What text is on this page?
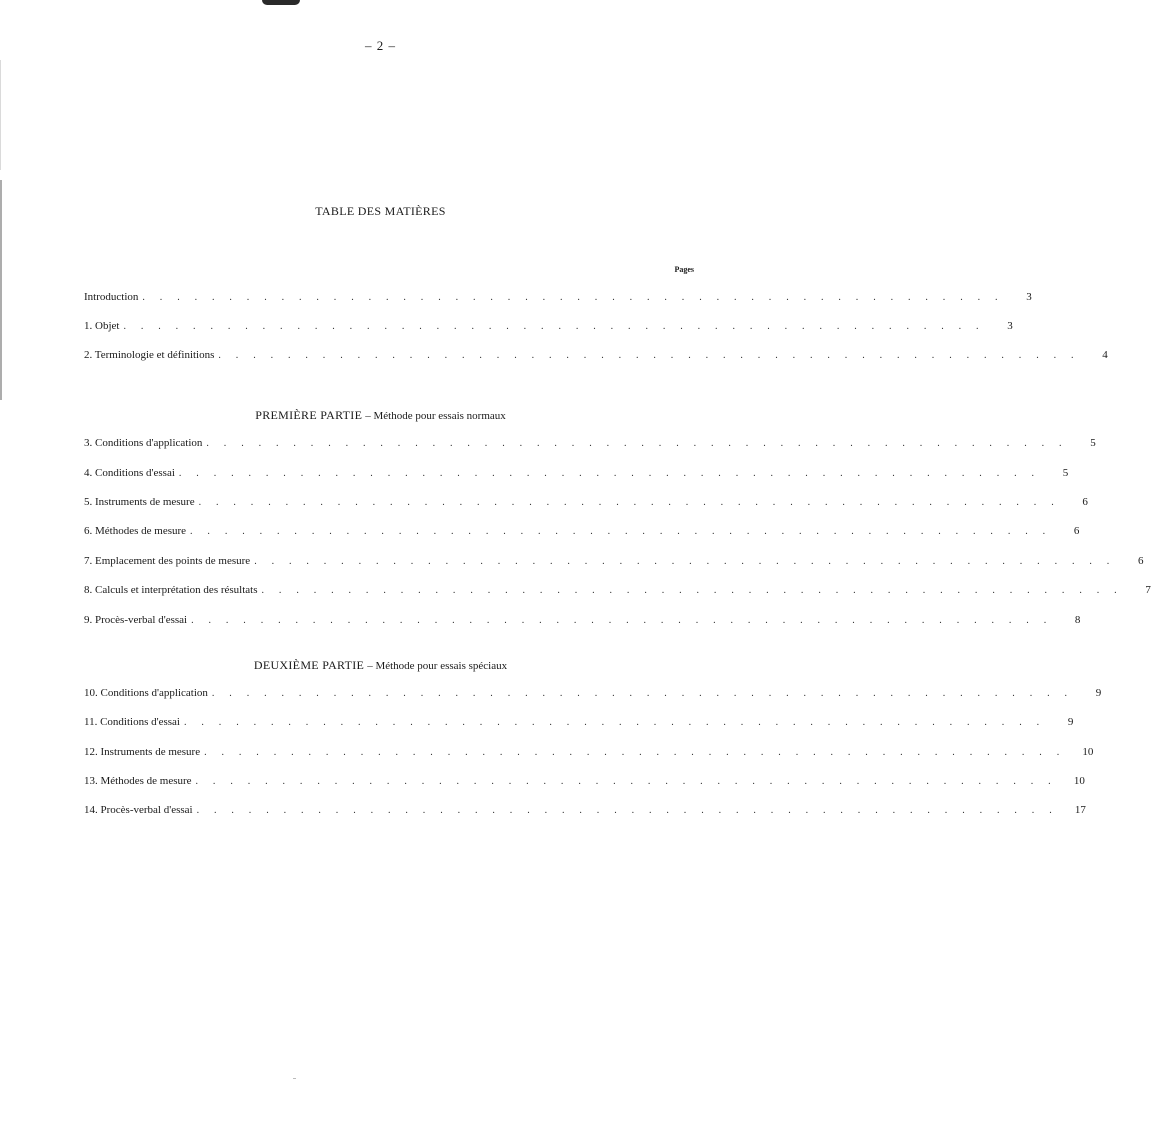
– 2 –
TABLE DES MATIÈRES
Pages
Introduction . . . . . . . . . . . . . . . . . . . . . . . . . . . . . . . . . . . . . . . . . . . . . . . . . .	3
1. Objet . . . . . . . . . . . . . . . . . . . . . . . . . . . . . . . . . . . . . . . . . . . . . . . . . .	3
2. Terminologie et définitions . . . . . . . . . . . . . . . . . . . . . . . . . . . . . . . . . . . . . . . . . . . . . . . . . .	4
PREMIÈRE PARTIE – Méthode pour essais normaux
3. Conditions d'application . . . . . . . . . . . . . . . . . . . . . . . . . . . . . . . . . . . . . . . . . . . . . . . . . .	5
4. Conditions d'essai . . . . . . . . . . . . . . . . . . . . . . . . . . . . . . . . . . . . . . . . . . . . . . . . . .	5
5. Instruments de mesure . . . . . . . . . . . . . . . . . . . . . . . . . . . . . . . . . . . . . . . . . . . . . . . . . .	6
6. Méthodes de mesure . . . . . . . . . . . . . . . . . . . . . . . . . . . . . . . . . . . . . . . . . . . . . . . . . .	6
7. Emplacement des points de mesure . . . . . . . . . . . . . . . . . . . . . . . . . . . . . . . . . . . . . . . . . . . . . . . . . .	6
8. Calculs et interprétation des résultats . . . . . . . . . . . . . . . . . . . . . . . . . . . . . . . . . . . . . . . . . . . . . . . . . .	7
9. Procès-verbal d'essai . . . . . . . . . . . . . . . . . . . . . . . . . . . . . . . . . . . . . . . . . . . . . . . . . .	8
DEUXIÈME PARTIE – Méthode pour essais spéciaux
10. Conditions d'application . . . . . . . . . . . . . . . . . . . . . . . . . . . . . . . . . . . . . . . . . . . . . . . . . .	9
11. Conditions d'essai . . . . . . . . . . . . . . . . . . . . . . . . . . . . . . . . . . . . . . . . . . . . . . . . . .	9
12. Instruments de mesure . . . . . . . . . . . . . . . . . . . . . . . . . . . . . . . . . . . . . . . . . . . . . . . . . .	10
13. Méthodes de mesure . . . . . . . . . . . . . . . . . . . . . . . . . . . . . . . . . . . . . . . . . . . . . . . . . .	10
14. Procès-verbal d'essai . . . . . . . . . . . . . . . . . . . . . . . . . . . . . . . . . . . . . . . . . . . . . . . . . .	17
